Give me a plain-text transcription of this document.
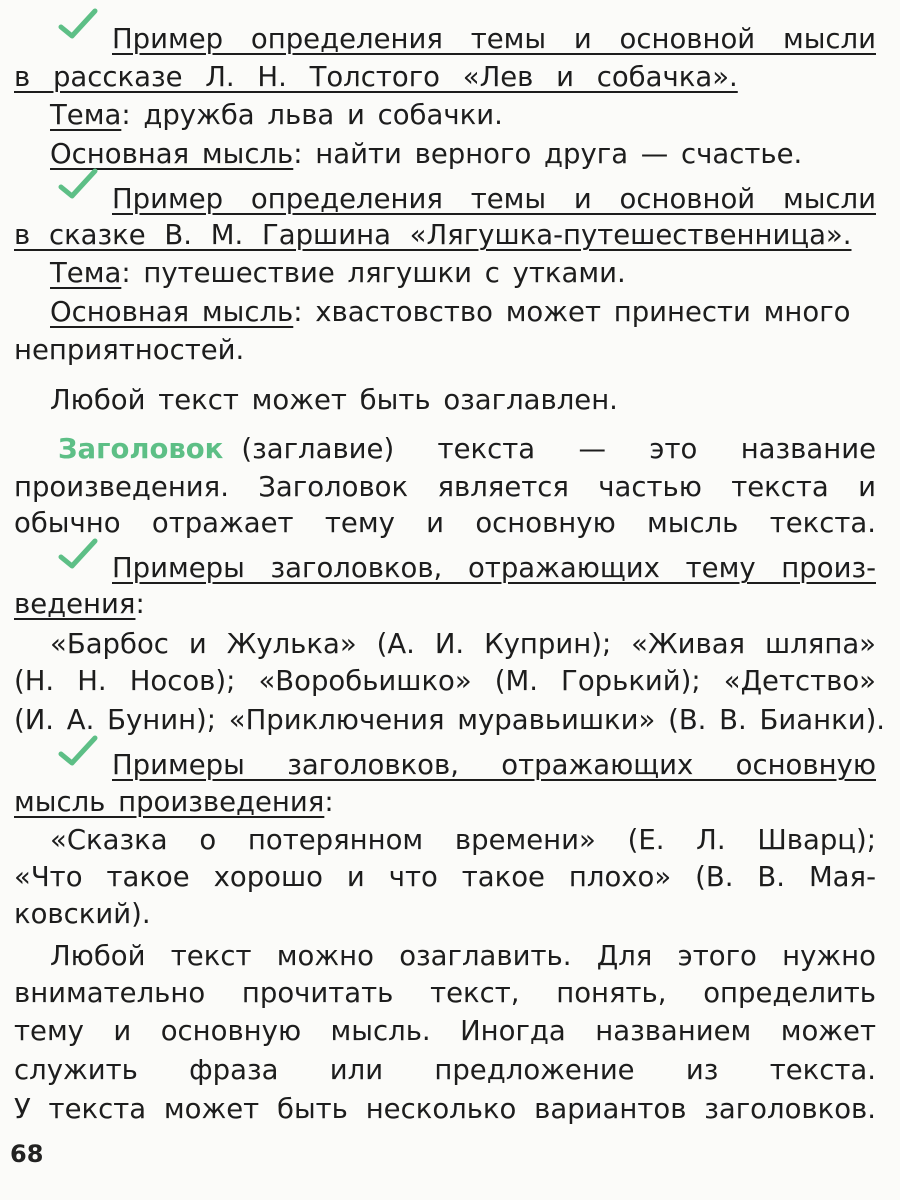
Пример определения темы и основной мысли
в рассказе Л. Н. Толстого «Лев и собачка».
Тема: дружба льва и собачки.
Основная мысль: найти верного друга — счастье.
Пример определения темы и основной мысли
в сказке В. М. Гаршина «Лягушка-путешественница».
Тема: путешествие лягушки с утками.
Основная мысль: хвастовство может принести много
неприятностей.
Любой текст может быть озаглавлен.
Заголовок (заглавие) текста — это название
произведения. Заголовок является частью текста и
обычно отражает тему и основную мысль текста.
Примеры заголовков, отражающих тему произ-
ведения:
«Барбос и Жулька» (А. И. Куприн); «Живая шляпа»
(Н. Н. Носов); «Воробьишко» (М. Горький); «Детство»
(И. А. Бунин); «Приключения муравьишки» (В. В. Бианки).
Примеры заголовков, отражающих основную
мысль произведения:
«Сказка о потерянном времени» (Е. Л. Шварц);
«Что такое хорошо и что такое плохо» (В. В. Мая-
ковский).
Любой текст можно озаглавить. Для этого нужно
внимательно прочитать текст, понять, определить
тему и основную мысль. Иногда названием может
служить фраза или предложение из текста.
У текста может быть несколько вариантов заголовков.
68
